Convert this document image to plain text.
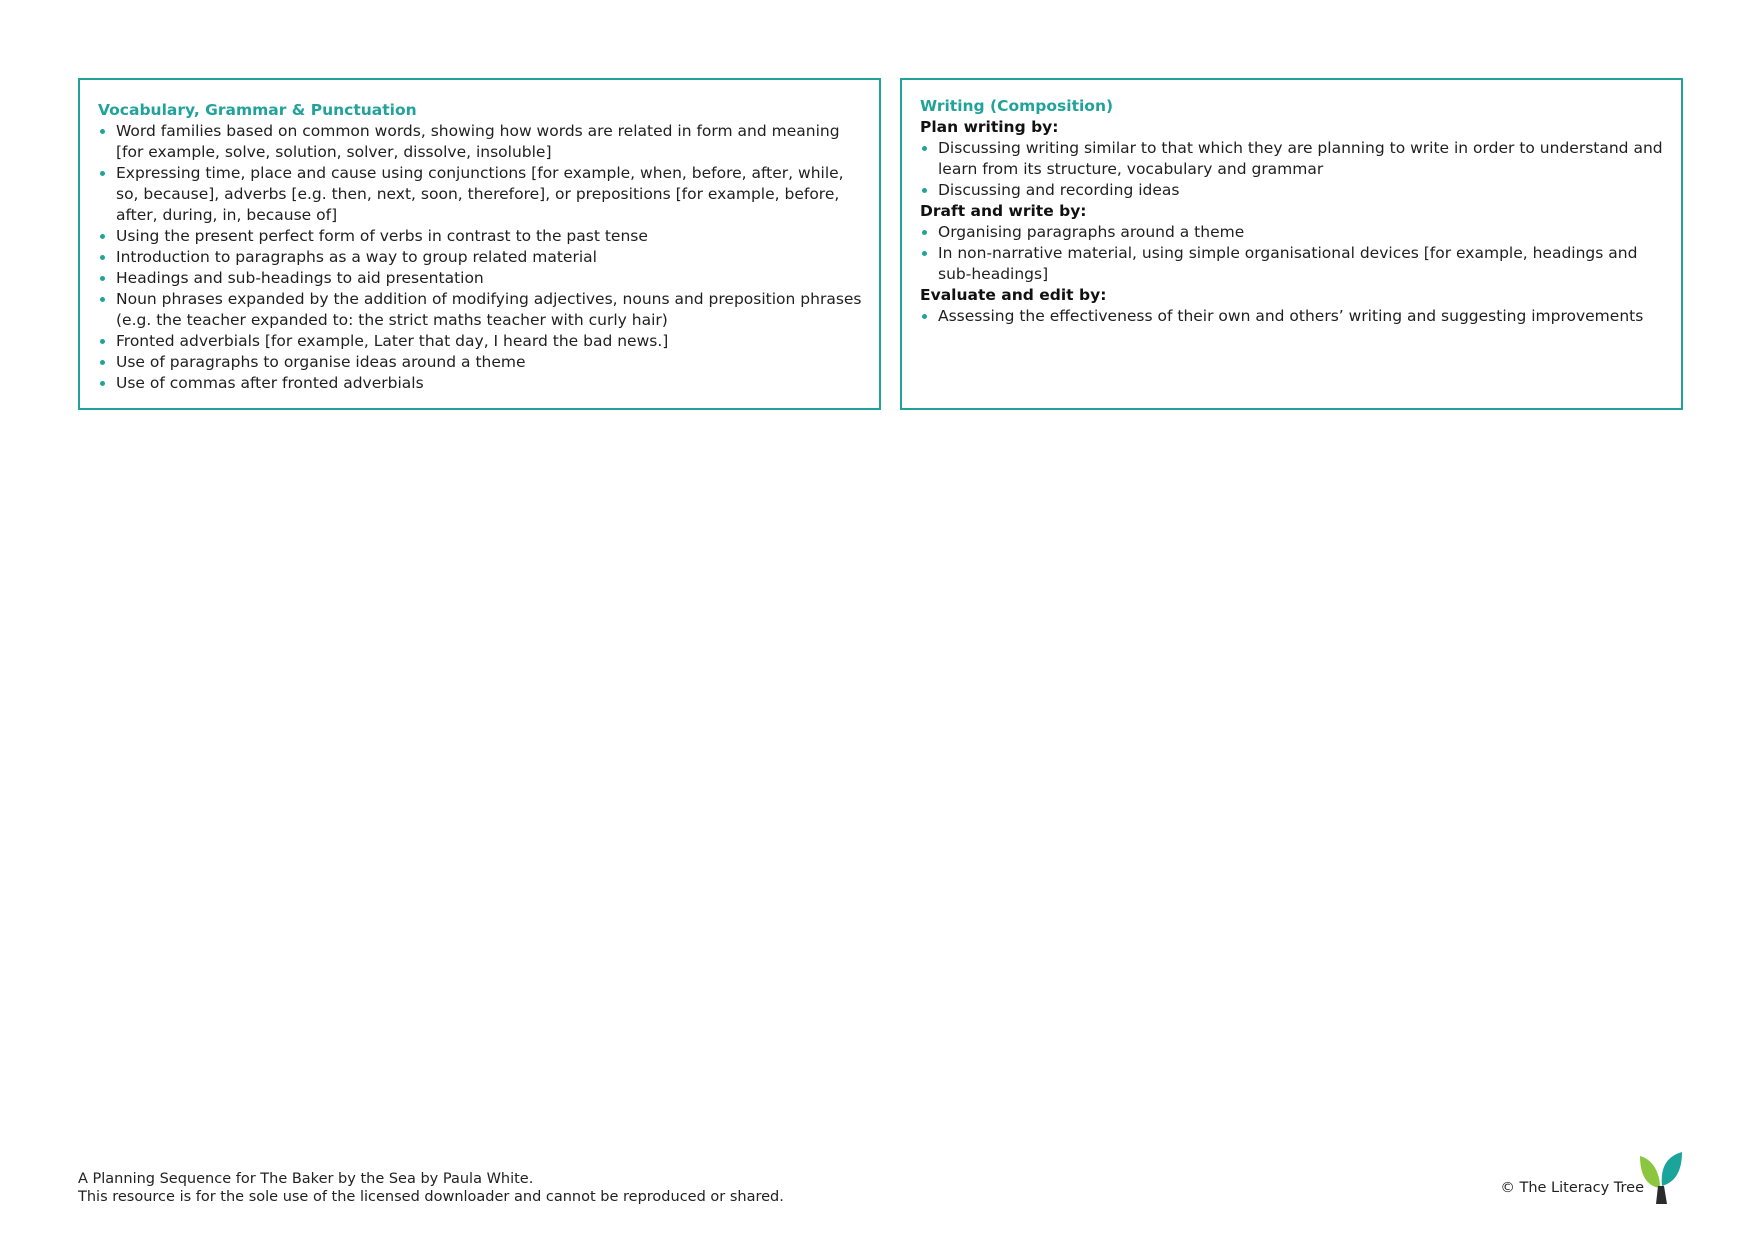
Vocabulary, Grammar & Punctuation
Word families based on common words, showing how words are related in form and meaning [for example, solve, solution, solver, dissolve, insoluble]
Expressing time, place and cause using conjunctions [for example, when, before, after, while, so, because], adverbs [e.g. then, next, soon, therefore], or prepositions [for example, before, after, during, in, because of]
Using the present perfect form of verbs in contrast to the past tense
Introduction to paragraphs as a way to group related material
Headings and sub-headings to aid presentation
Noun phrases expanded by the addition of modifying adjectives, nouns and preposition phrases (e.g. the teacher expanded to: the strict maths teacher with curly hair)
Fronted adverbials [for example, Later that day, I heard the bad news.]
Use of paragraphs to organise ideas around a theme
Use of commas after fronted adverbials
Writing (Composition)
Plan writing by:
Discussing writing similar to that which they are planning to write in order to understand and learn from its structure, vocabulary and grammar
Discussing and recording ideas
Draft and write by:
Organising paragraphs around a theme
In non-narrative material, using simple organisational devices [for example, headings and sub-headings]
Evaluate and edit by:
Assessing the effectiveness of their own and others’ writing and suggesting improvements
A Planning Sequence for The Baker by the Sea by Paula White.
This resource is for the sole use of the licensed downloader and cannot be reproduced or shared.
© The Literacy Tree
